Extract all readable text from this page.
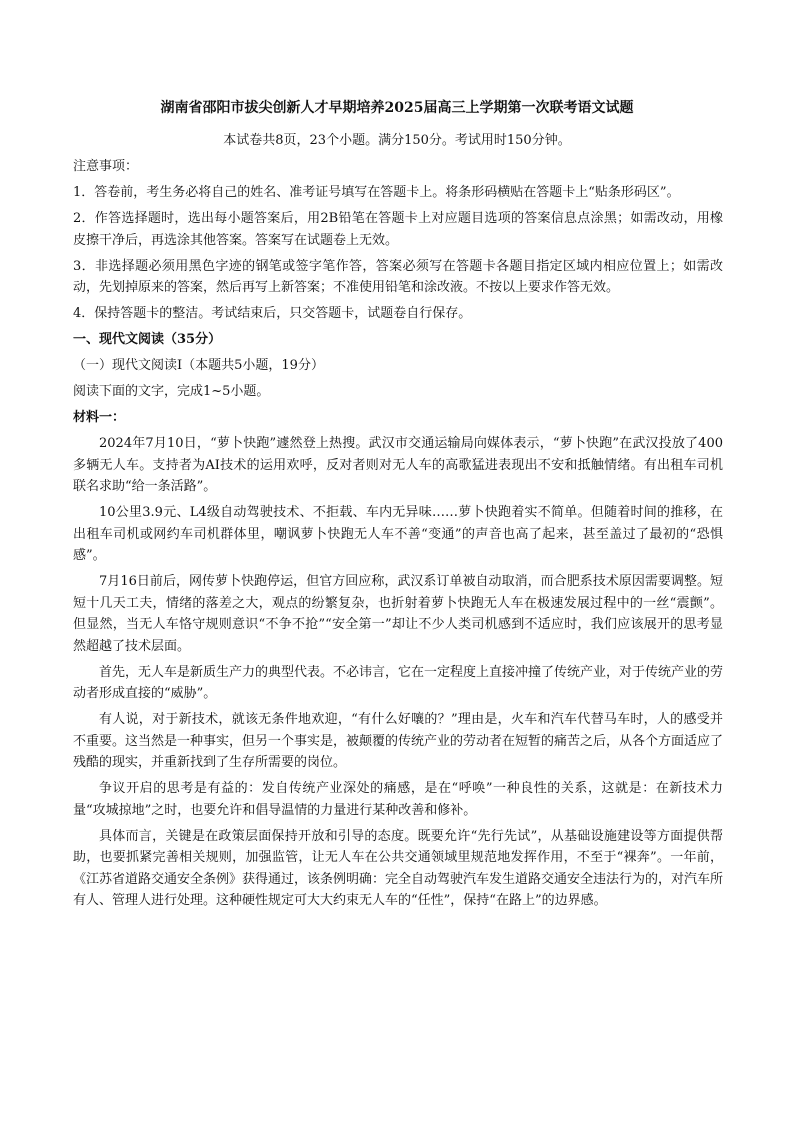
湖南省邵阳市拔尖创新人才早期培养2025届高三上学期第一次联考语文试题
本试卷共8页，23个小题。满分150分。考试用时150分钟。

注意事项：

1．答卷前，考生务必将自己的姓名、准考证号填写在答题卡上。将条形码横贴在答题卡上“贴条形码区”。

2．作答选择题时，选出每小题答案后，用2B铅笔在答题卡上对应题目选项的答案信息点涂黑；如需改动，用橡皮擦干净后，再选涂其他答案。答案写在试题卷上无效。

3．非选择题必须用黑色字迹的钢笔或签字笔作答，答案必须写在答题卡各题目指定区域内相应位置上；如需改动，先划掉原来的答案，然后再写上新答案；不准使用铅笔和涂改液。不按以上要求作答无效。

4．保持答题卡的整洁。考试结束后，只交答题卡，试题卷自行保存。

一、现代文阅读（35分）

（一）现代文阅读Ⅰ（本题共5小题，19分）

阅读下面的文字，完成1~5小题。

材料一：

2024年7月10日，“萝卜快跑”遽然登上热搜。武汉市交通运输局向媒体表示，“萝卜快跑”在武汉投放了400多辆无人车。支持者为AI技术的运用欢呼，反对者则对无人车的高歌猛进表现出不安和抵触情绪。有出租车司机联名求助“给一条活路”。

10公里3.9元、L4级自动驾驶技术、不拒载、车内无异味……萝卜快跑着实不简单。但随着时间的推移，在出租车司机或网约车司机群体里，嘲讽萝卜快跑无人车不善“变通”的声音也高了起来，甚至盖过了最初的“恐惧感”。

7月16日前后，网传萝卜快跑停运，但官方回应称，武汉系订单被自动取消，而合肥系技术原因需要调整。短短十几天工夫，情绪的落差之大，观点的纷繁复杂，也折射着萝卜快跑无人车在极速发展过程中的一丝“震颤”。但显然，当无人车恪守规则意识“不争不抢”“安全第一”却让不少人类司机感到不适应时，我们应该展开的思考显然超越了技术层面。

首先，无人车是新质生产力的典型代表。不必讳言，它在一定程度上直接冲撞了传统产业，对于传统产业的劳动者形成直接的“威胁”。

有人说，对于新技术，就该无条件地欢迎，“有什么好嚷的？”理由是，火车和汽车代替马车时，人的感受并不重要。这当然是一种事实，但另一个事实是，被颠覆的传统产业的劳动者在短暂的痛苦之后，从各个方面适应了残酷的现实，并重新找到了生存所需要的岗位。

争议开启的思考是有益的：发自传统产业深处的痛感，是在“呼唤”一种良性的关系，这就是：在新技术力量“攻城掠地”之时，也要允许和倡导温情的力量进行某种改善和修补。

具体而言，关键是在政策层面保持开放和引导的态度。既要允许“先行先试”，从基础设施建设等方面提供帮助，也要抓紧完善相关规则，加强监管，让无人车在公共交通领域里规范地发挥作用，不至于“裸奔”。一年前，《江苏省道路交通安全条例》获得通过，该条例明确：完全自动驾驶汽车发生道路交通安全违法行为的，对汽车所有人、管理人进行处理。这种硬性规定可大大约束无人车的“任性”，保持“在路上”的边界感。
